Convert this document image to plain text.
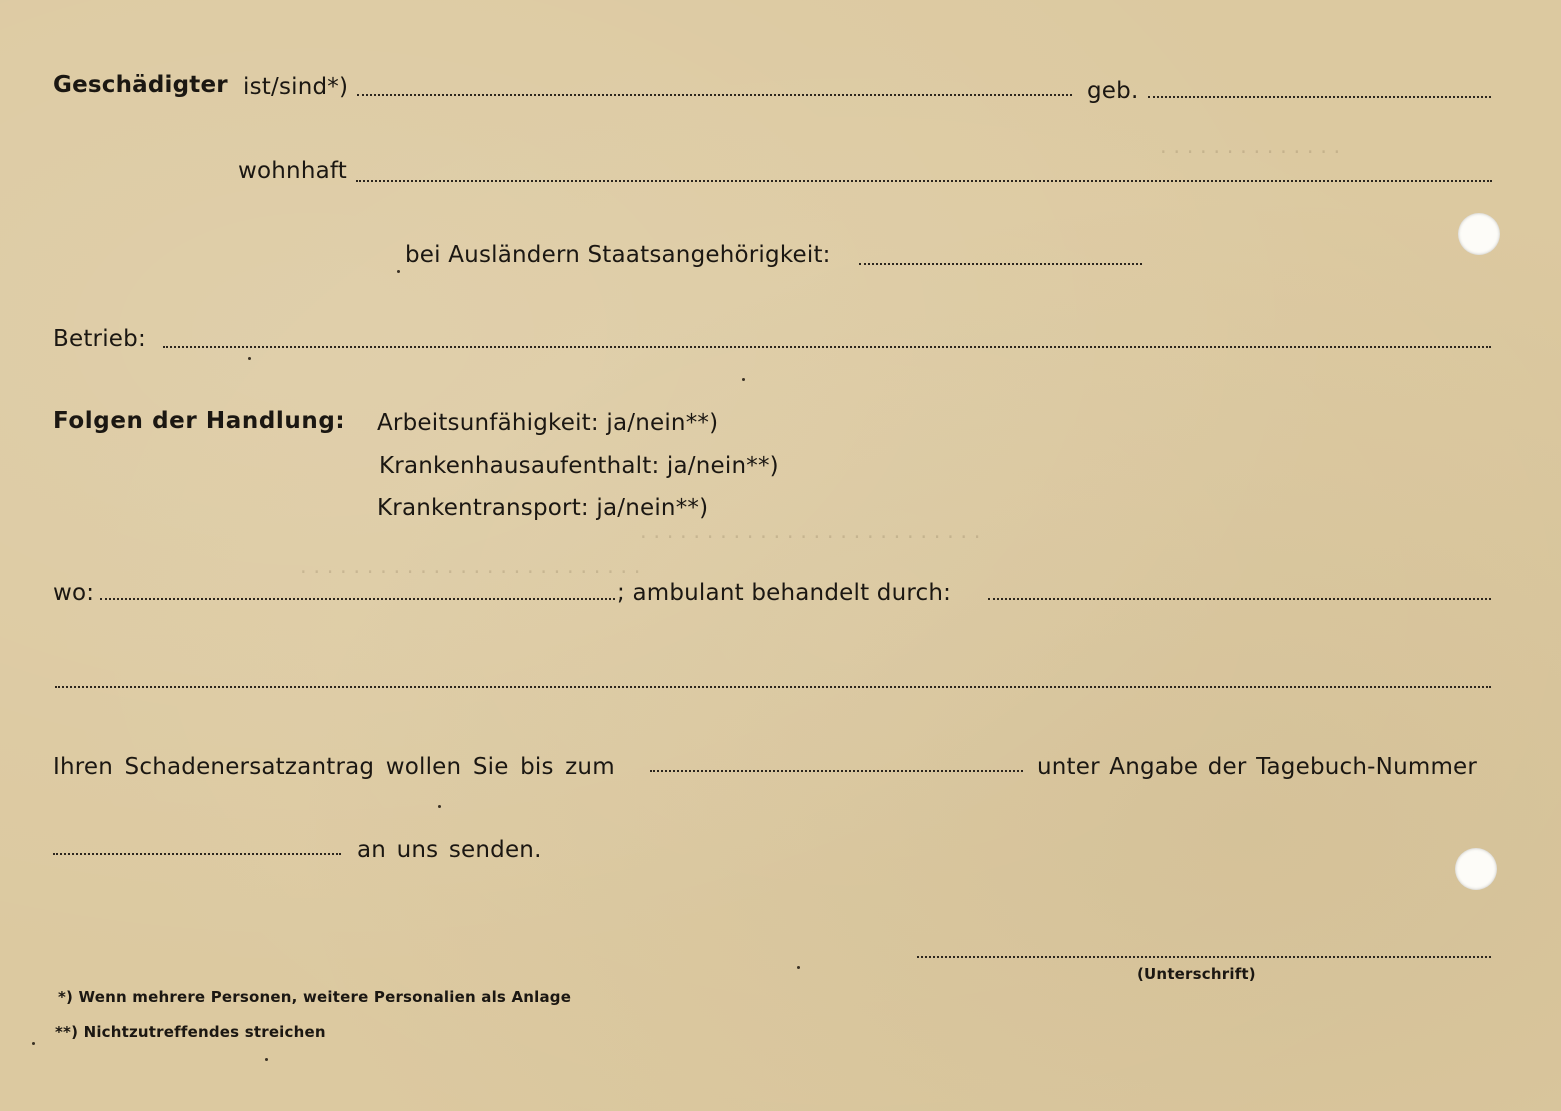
· · · · · · · · · · · · · ·
· · · · · · · · · · · · · · · · · · · · · · · · · ·
· · · · · · · · · · · · · · · · · · · · · · · · · ·
Geschädigter ist/sind*)	geb.
wohnhaft
bei Ausländern Staatsangehörigkeit:
Betrieb:
Folgen der Handlung: Arbeitsunfähigkeit: ja/nein**)
Krankenhausaufenthalt: ja/nein**)
Krankentransport: ja/nein**)
wo:	; ambulant behandelt durch:
Ihren Schadenersatzantrag wollen Sie bis zum	unter Angabe der Tagebuch-Nummer
an uns senden.
(Unterschrift)
*) Wenn mehrere Personen, weitere Personalien als Anlage
**) Nichtzutreffendes streichen
